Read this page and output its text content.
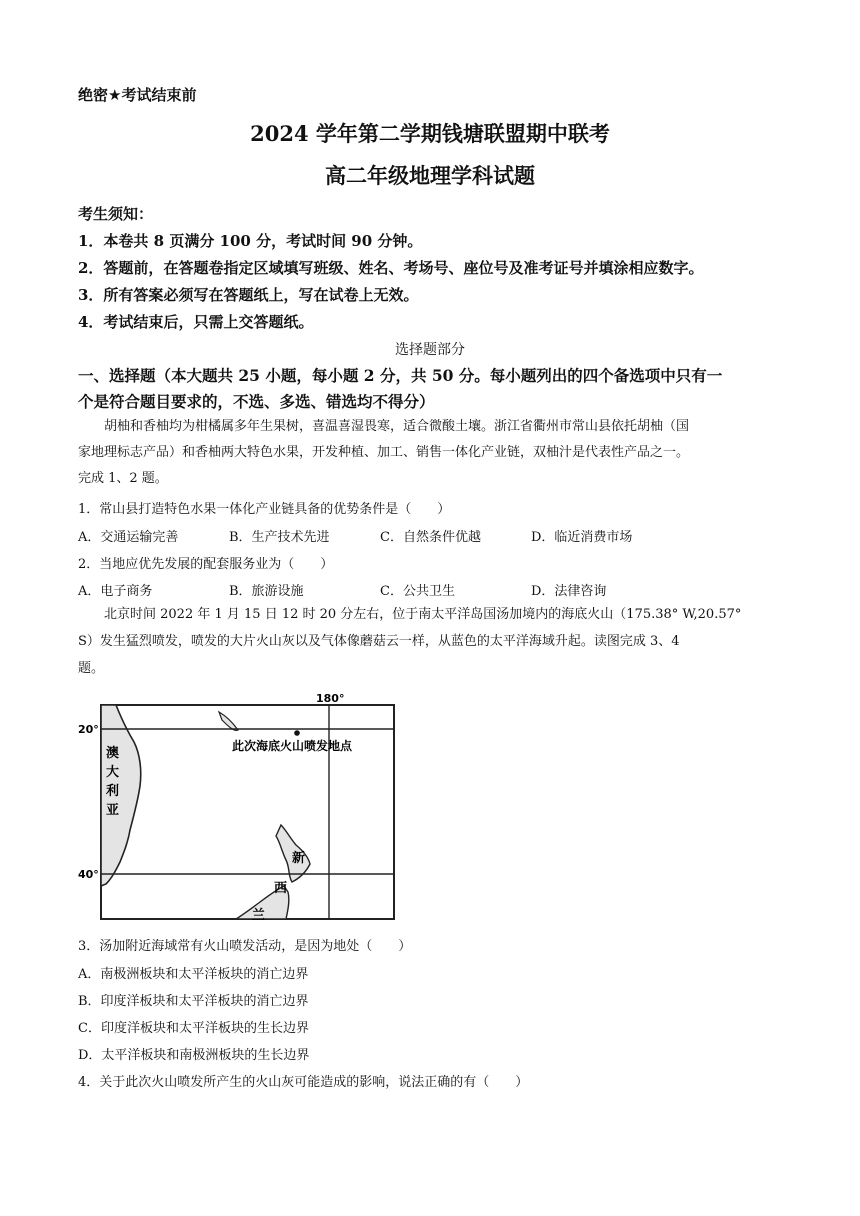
绝密★考试结束前
2024 学年第二学期钱塘联盟期中联考
高二年级地理学科试题
考生须知：
1．本卷共 8 页满分 100 分，考试时间 90 分钟。
2．答题前，在答题卷指定区域填写班级、姓名、考场号、座位号及准考证号并填涂相应数字。
3．所有答案必须写在答题纸上，写在试卷上无效。
4．考试结束后，只需上交答题纸。
选择题部分
一、选择题（本大题共 25 小题，每小题 2 分，共 50 分。每小题列出的四个备选项中只有一
个是符合题目要求的，不选、多选、错选均不得分）
胡柚和香柚均为柑橘属多年生果树，喜温喜湿畏寒，适合微酸土壤。浙江省衢州市常山县依托胡柚（国
家地理标志产品）和香柚两大特色水果，开发种植、加工、销售一体化产业链，双柚汁是代表性产品之一。
完成 1、2 题。
1．常山县打造特色水果一体化产业链具备的优势条件是（　　）
A．交通运输完善	B．生产技术先进	C．自然条件优越	D．临近消费市场
2．当地应优先发展的配套服务业为（　　）
A．电子商务	B．旅游设施	C．公共卫生	D．法律咨询
北京时间 2022 年 1 月 15 日 12 时 20 分左右，位于南太平洋岛国汤加境内的海底火山（175.38° W,20.57°
S）发生猛烈喷发，喷发的大片火山灰以及气体像蘑菇云一样，从蓝色的太平洋海域升起。读图完成 3、4
题。
180°
20°
40°
此次海底火山喷发地点
澳
大
利
亚
新
西
兰
3．汤加附近海域常有火山喷发活动，是因为地处（　　）
A．南极洲板块和太平洋板块的消亡边界
B．印度洋板块和太平洋板块的消亡边界
C．印度洋板块和太平洋板块的生长边界
D．太平洋板块和南极洲板块的生长边界
4．关于此次火山喷发所产生的火山灰可能造成的影响，说法正确的有（　　）
